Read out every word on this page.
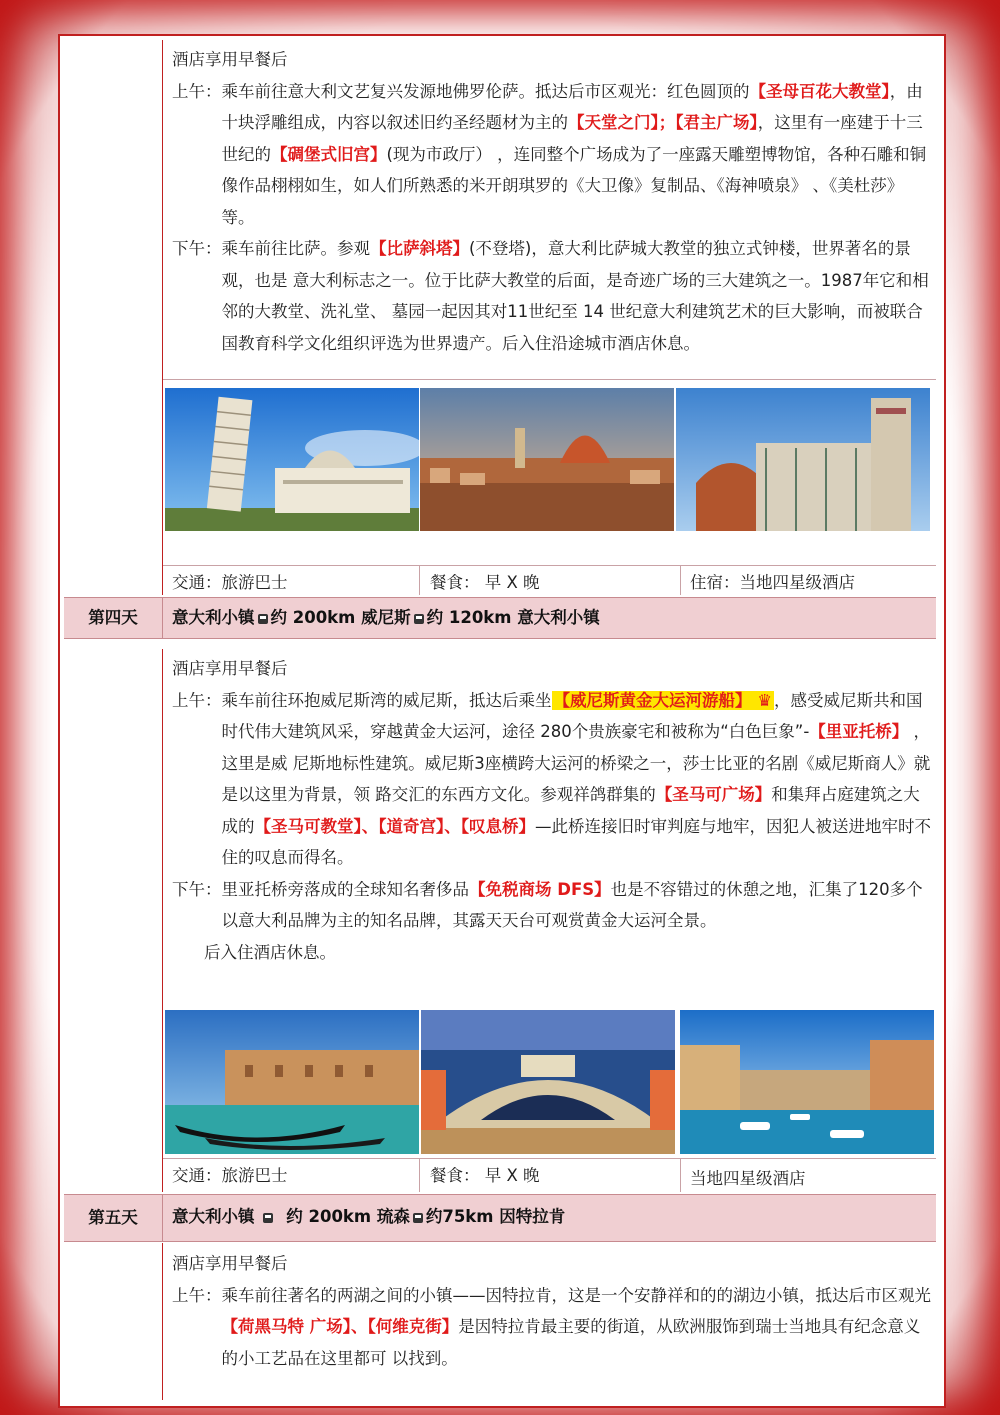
酒店享用早餐后
上午： 乘车前往意大利文艺复兴发源地佛罗伦萨。抵达后市区观光：红色圆顶的【圣母百花大教堂】，由十块浮雕组成，内容以叙述旧约圣经题材为主的【天堂之门】；【君主广场】，这里有一座建于十三世纪的【碉堡式旧宫】(现为市政厅） ，连同整个广场成为了一座露天雕塑博物馆，各种石雕和铜像作品栩栩如生，如人们所熟悉的米开朗琪罗的《大卫像》复制品、《海神喷泉》 、《美杜莎》等。
下午： 乘车前往比萨。参观【比萨斜塔】(不登塔)，意大利比萨城大教堂的独立式钟楼，世界著名的景观，也是 意大利标志之一。位于比萨大教堂的后面，是奇迹广场的三大建筑之一。1987年它和相邻的大教堂、洗礼堂、 墓园一起因其对11世纪至 14 世纪意大利建筑艺术的巨大影响，而被联合国教育科学文化组织评选为世界遗产。后入住沿途城市酒店休息。
交通：旅游巴士	餐食： 早 X 晚	住宿：当地四星级酒店
第四天	意大利小镇 约 200km 威尼斯 约 120km 意大利小镇
酒店享用早餐后
上午： 乘车前往环抱威尼斯湾的威尼斯，抵达后乘坐 【威尼斯黄金大运河游船】 ♛ ，感受威尼斯共和国 时代伟大建筑风采，穿越黄金大运河，途径 280个贵族豪宅和被称为“白色巨象”-【里亚托桥】 ，这里是威 尼斯地标性建筑。威尼斯3座横跨大运河的桥梁之一，莎士比亚的名剧《威尼斯商人》就是以这里为背景，领 路交汇的东西方文化。参观祥鸽群集的【圣马可广场】和集拜占庭建筑之大成的【圣马可教堂】、【道奇宫】、【叹息桥】—此桥连接旧时审判庭与地牢，因犯人被送进地牢时不住的叹息而得名。
下午： 里亚托桥旁落成的全球知名奢侈品【免税商场 DFS】也是不容错过的休憩之地，汇集了120多个以意大利品牌为主的知名品牌，其露天天台可观赏黄金大运河全景。
后入住酒店休息。
交通：旅游巴士	餐食： 早 X 晚	当地四星级酒店
第五天	意大利小镇 约 200km 琉森 约75km 因特拉肯
酒店享用早餐后
上午： 乘车前往著名的两湖之间的小镇——因特拉肯，这是一个安静祥和的的湖边小镇，抵达后市区观光【荷黑马特 广场】、【何维克街】是因特拉肯最主要的街道，从欧洲服饰到瑞士当地具有纪念意义的小工艺品在这里都可 以找到。
